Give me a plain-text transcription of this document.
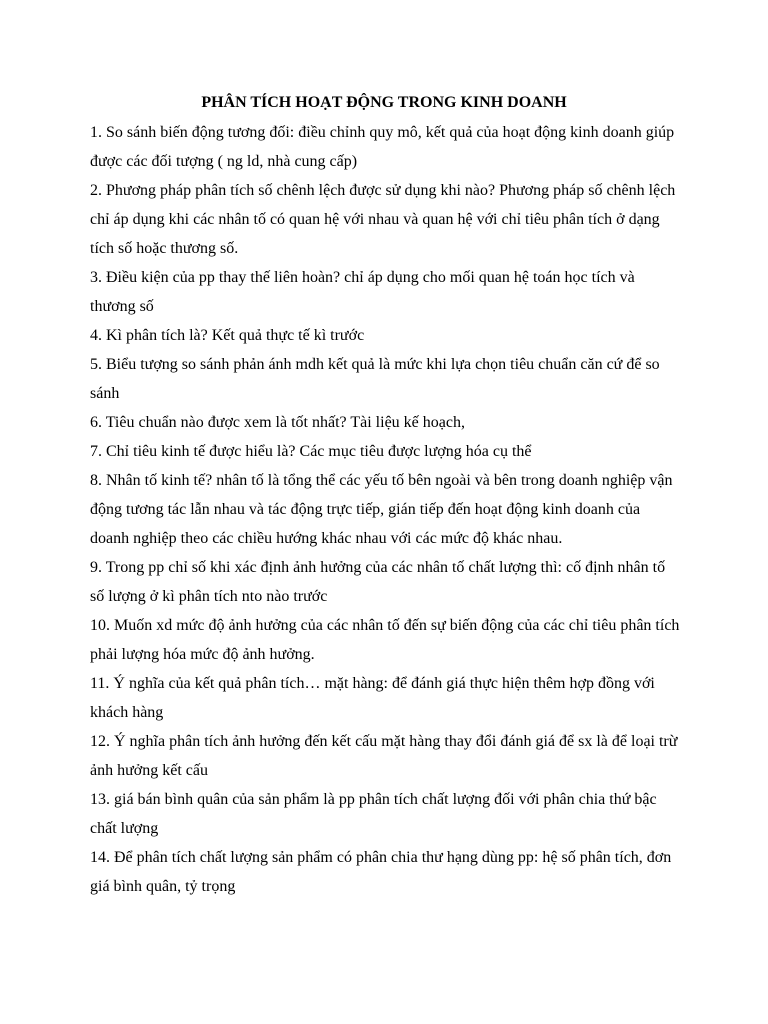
PHÂN TÍCH HOẠT ĐỘNG TRONG KINH DOANH

1. So sánh biến động tương đối: điều chỉnh quy mô, kết quả của hoạt động kinh doanh giúp được các đối tượng ( ng ld, nhà cung cấp)

2. Phương pháp phân tích số chênh lệch được sử dụng khi nào? Phương pháp số chênh lệch chỉ áp dụng khi các nhân tố có quan hệ với nhau và quan hệ với chỉ tiêu phân tích ở dạng tích số hoặc thương số.

3. Điều kiện của pp thay thế liên hoàn? chỉ áp dụng cho mối quan hệ toán học tích và thương số

4. Kì phân tích là? Kết quả thực tế kì trước

5. Biểu tượng so sánh phản ánh mdh kết quả là mức khi lựa chọn tiêu chuẩn căn cứ để so sánh

6. Tiêu chuẩn nào được xem là tốt nhất? Tài liệu kế hoạch,

7. Chỉ tiêu kinh tế được hiểu là? Các mục tiêu được lượng hóa cụ thể

8. Nhân tố kinh tế? nhân tố là tổng thể các yếu tố bên ngoài và bên trong doanh nghiệp vận động tương tác lẫn nhau và tác động trực tiếp, gián tiếp đến hoạt động kinh doanh của doanh nghiệp theo các chiều hướng khác nhau với các mức độ khác nhau.

9. Trong pp chỉ số khi xác định ảnh hưởng của các nhân tố chất lượng thì: cố định nhân tố số lượng ở kì phân tích nto nào trước

10. Muốn xd mức độ ảnh hưởng của các nhân tố đến sự biến động của các chỉ tiêu phân tích phải lượng hóa mức độ ảnh hưởng.

11. Ý nghĩa của kết quả phân tích… mặt hàng: để đánh giá thực hiện thêm hợp đồng với khách hàng

12. Ý nghĩa phân tích ảnh hưởng đến kết cấu mặt hàng thay đổi đánh giá để sx là để loại trừ ảnh hưởng kết cấu

13. giá bán bình quân của sản phẩm là pp phân tích chất lượng đối với phân chia thứ bậc chất lượng

14. Để phân tích chất lượng sản phẩm có phân chia thư hạng dùng pp: hệ số phân tích, đơn giá bình quân, tỷ trọng
